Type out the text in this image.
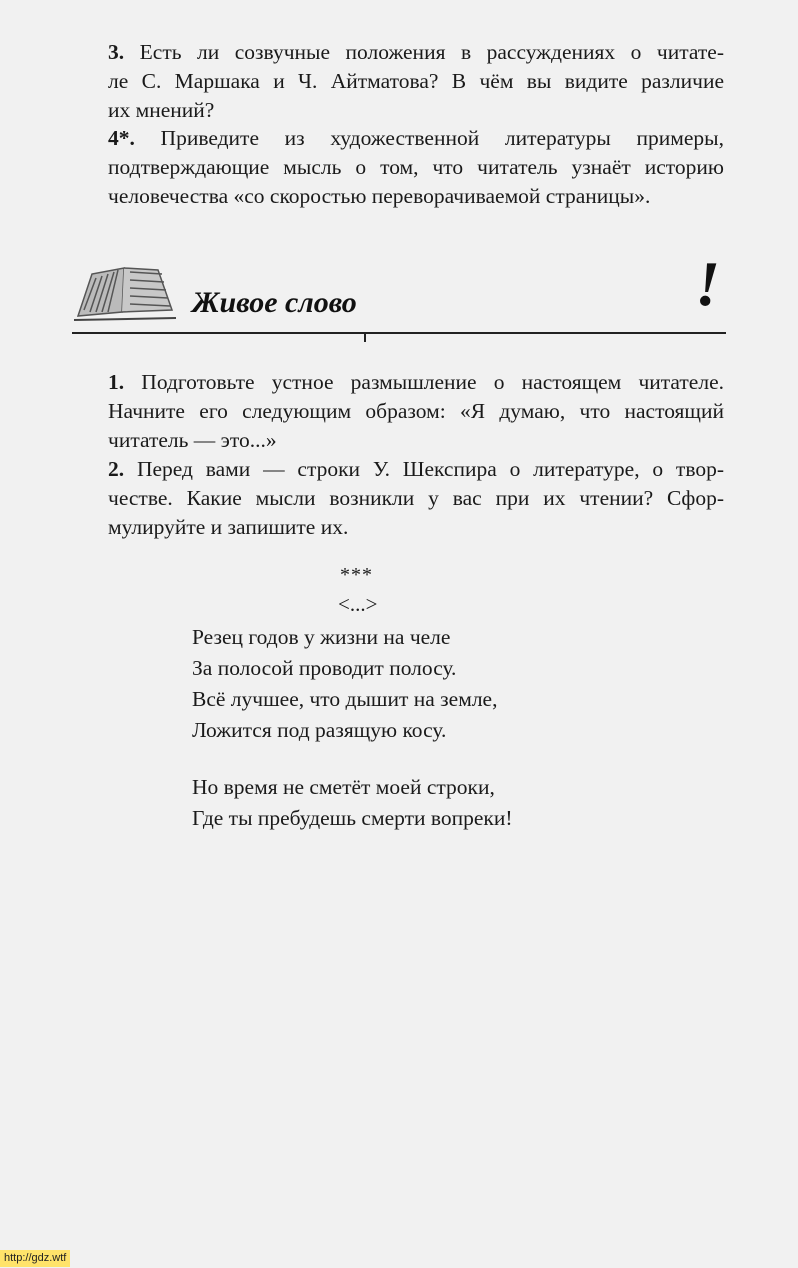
3. Есть ли созвучные положения в рассуждениях о читате-
ле С. Маршака и Ч. Айтматова? В чём вы видите различие
их мнений?
4*. Приведите из художественной литературы примеры,
подтверждающие мысль о том, что читатель узнаёт историю
человечества «со скоростью переворачиваемой страницы».
Живое слово	!
1. Подготовьте устное размышление о настоящем читателе.
Начните его следующим образом: «Я думаю, что настоящий
читатель — это...»
2. Перед вами — строки У. Шекспира о литературе, о твор-
честве. Какие мысли возникли у вас при их чтении? Сфор-
мулируйте и запишите их.
***
<...>
Резец годов у жизни на челе
За полосой проводит полосу.
Всё лучшее, что дышит на земле,
Ложится под разящую косу.
Но время не сметёт моей строки,
Где ты пребудешь смерти вопреки!
http://gdz.wtf
